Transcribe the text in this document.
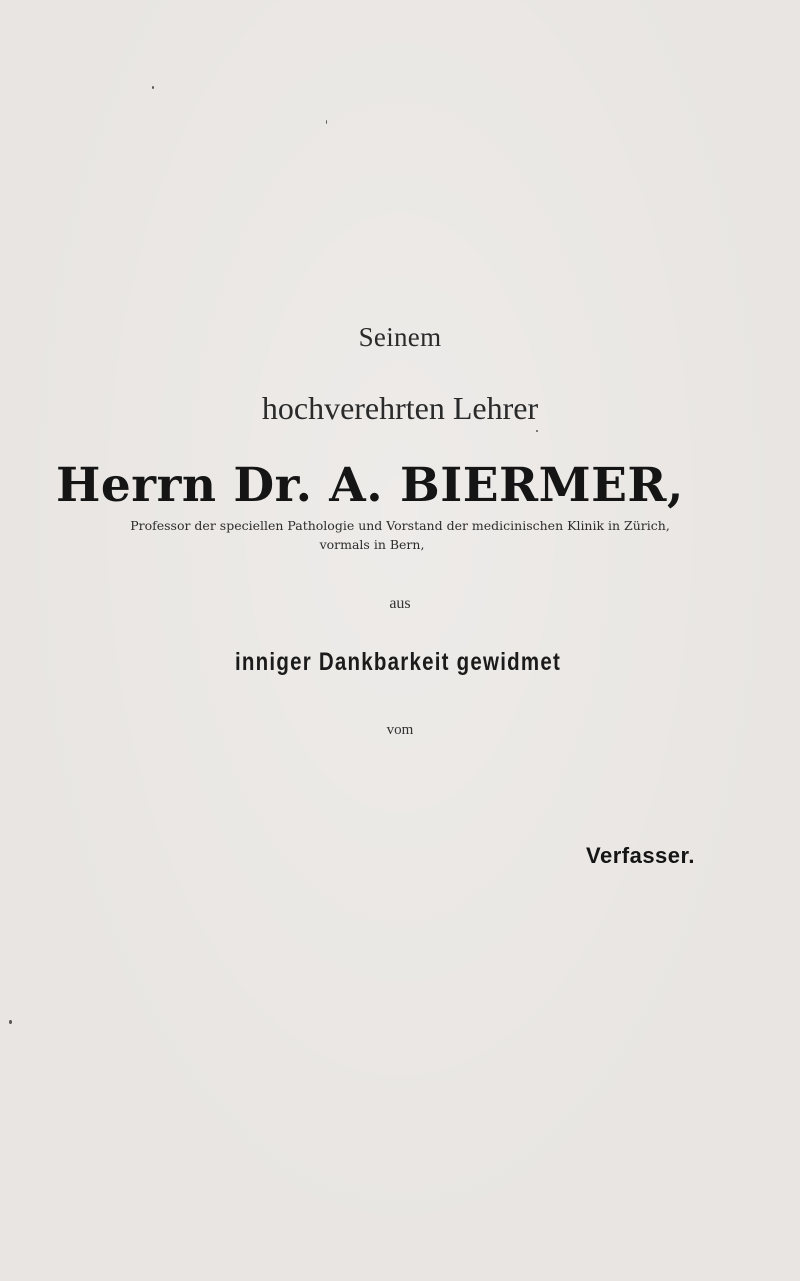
Seinem
hochverehrten Lehrer
Herrn Dr. A. BIERMER,
Professor der speciellen Pathologie und Vorstand der medicinischen Klinik in Zürich,
vormals in Bern,
aus
inniger Dankbarkeit gewidmet
vom
Verfasser.
